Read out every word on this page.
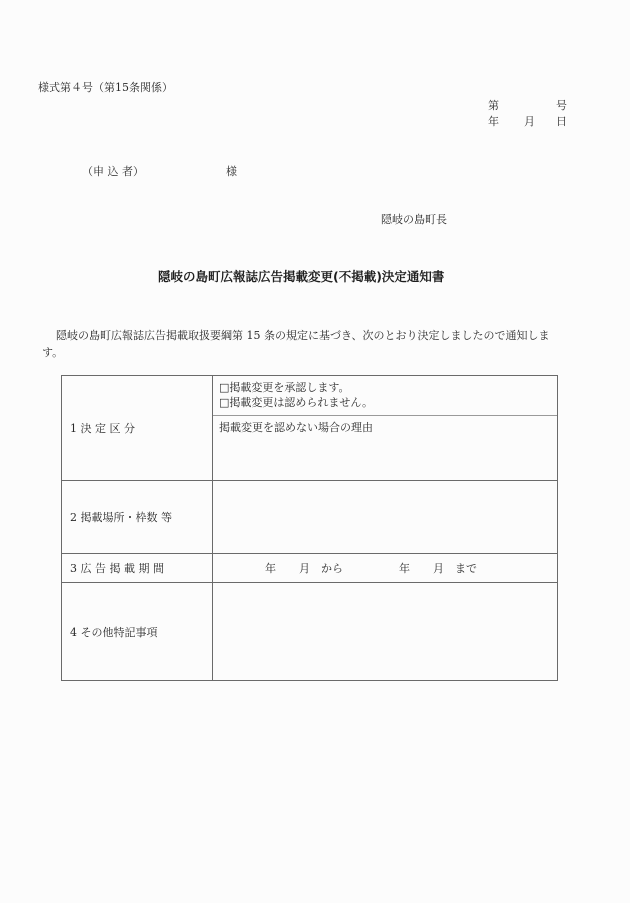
様式第４号（第15条関係）
第	号
年 月 日
（申 込 者）	様
隠岐の島町長
隠岐の島町広報誌広告掲載変更(不掲載)決定通知書
隠岐の島町広報誌広告掲載取扱要綱第 15 条の規定に基づき、次のとおり決定しましたので通知します。
1 決 定 区 分
□掲載変更を承認します。
□掲載変更は認められません。
掲載変更を認めない場合の理由
2 掲載場所・枠数 等
3 広 告 掲 載 期 間	年 月 から	年 月 まで
4 その他特記事項
